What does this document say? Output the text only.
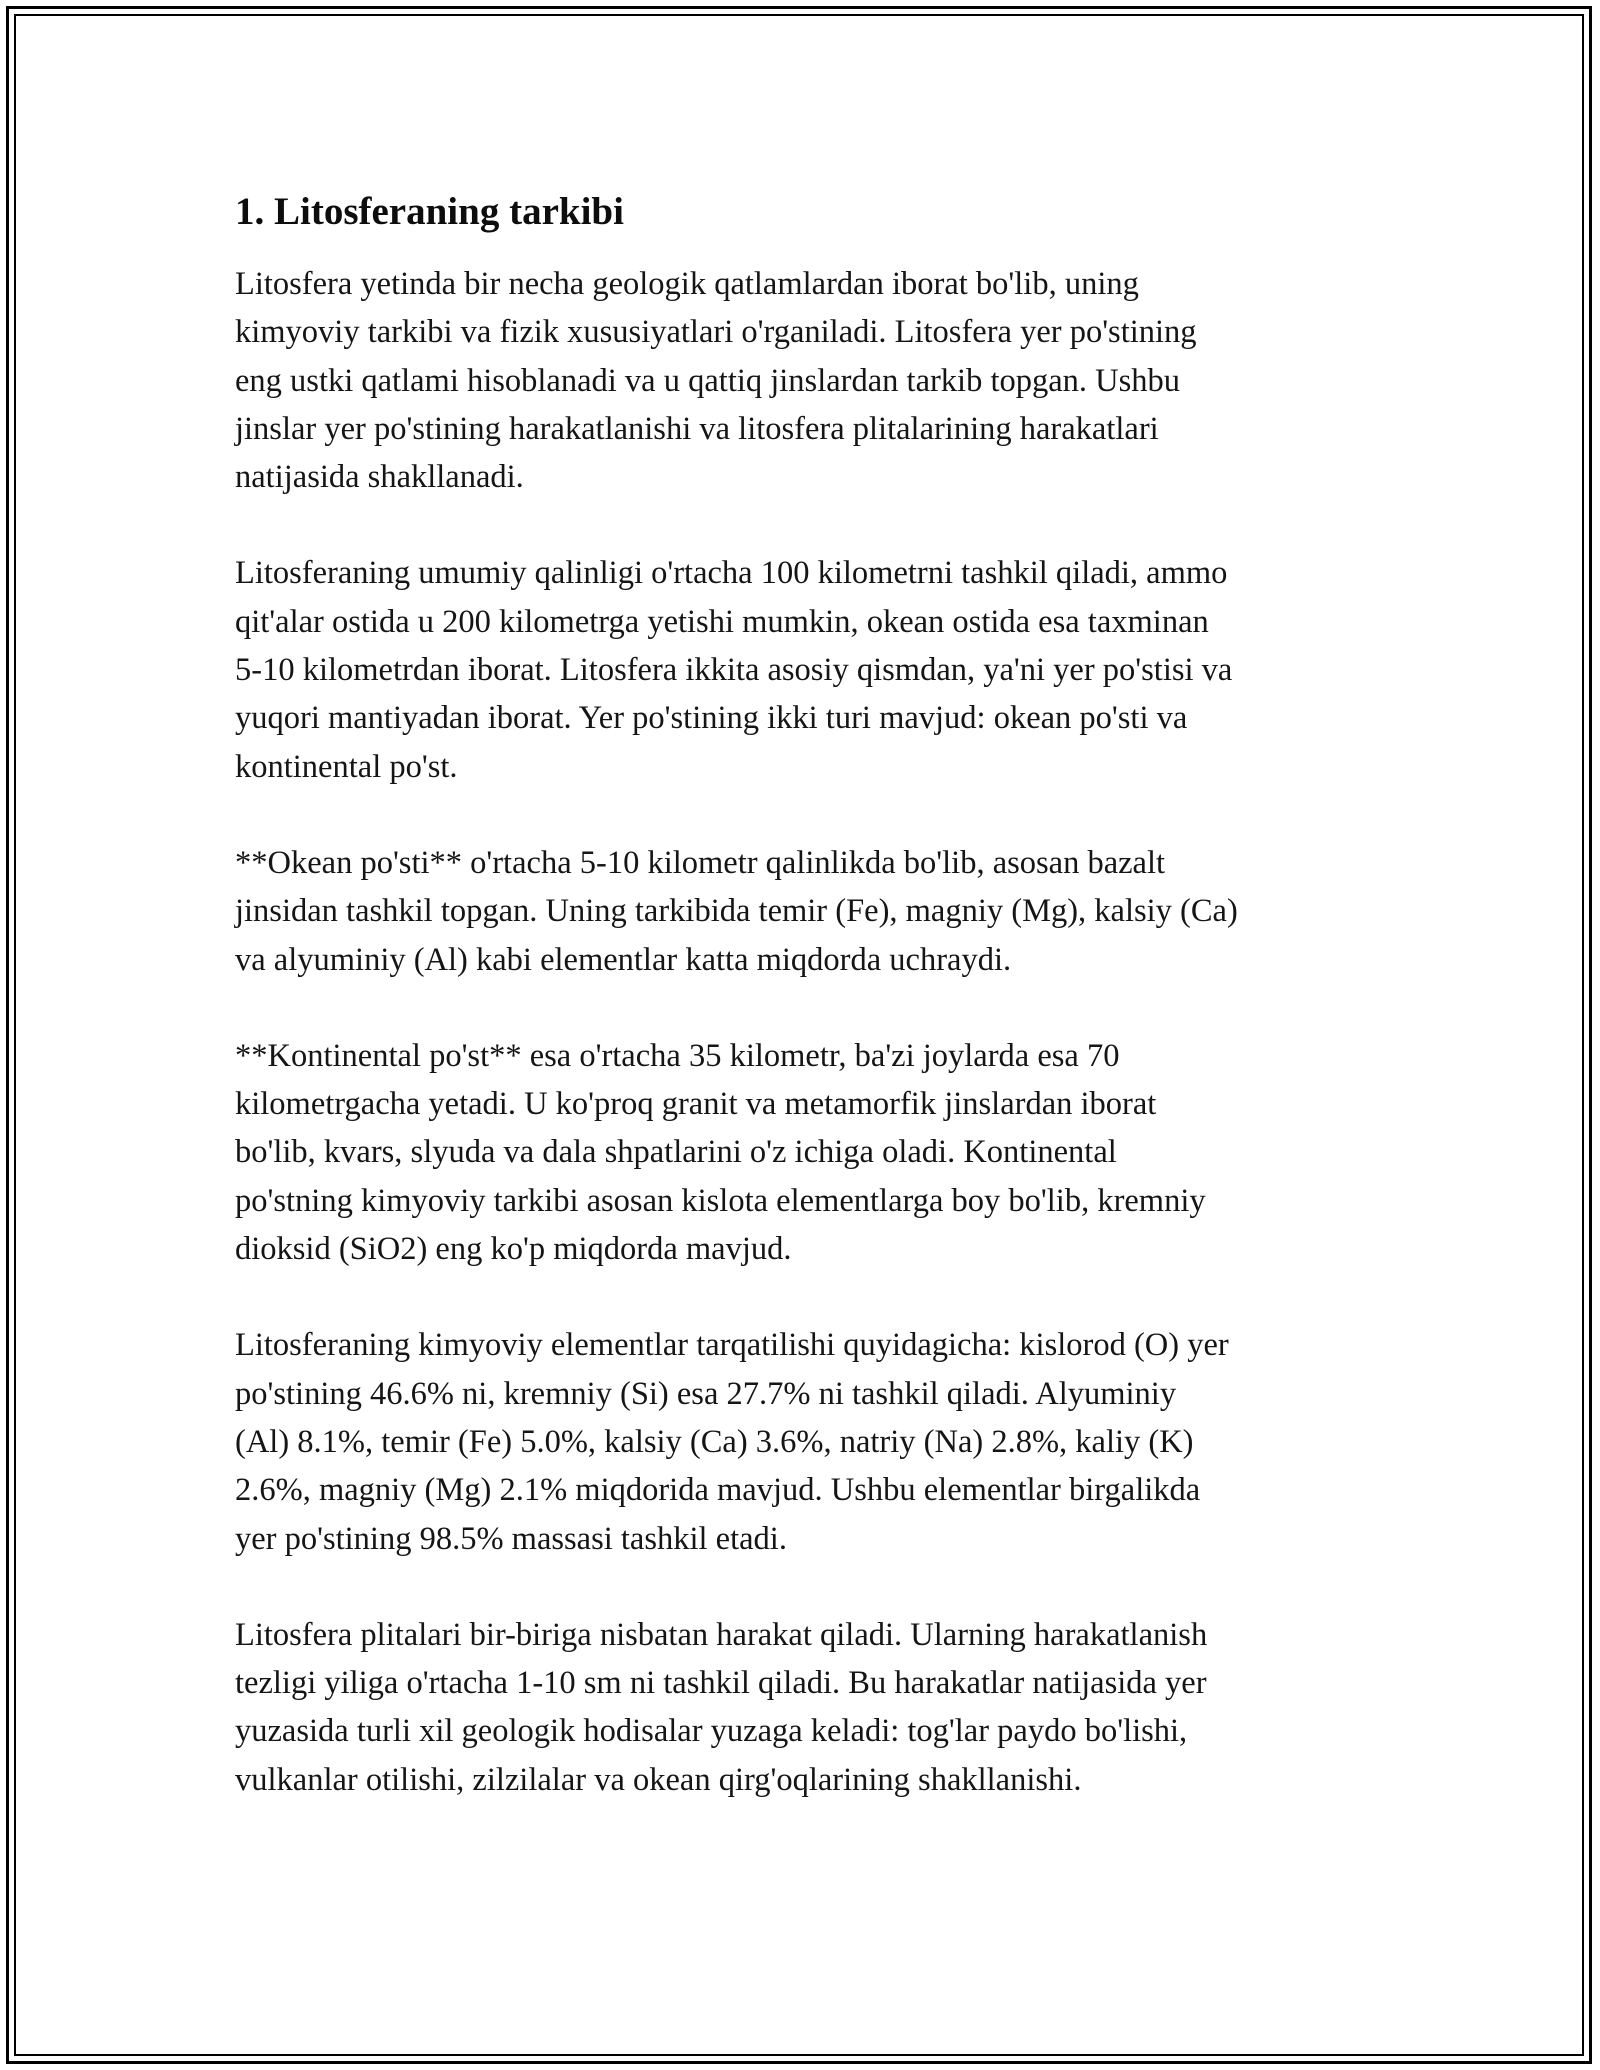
1. Litosferaning tarkibi

Litosfera yetinda bir necha geologik qatlamlardan iborat bo'lib, uning
kimyoviy tarkibi va fizik xususiyatlari o'rganiladi. Litosfera yer po'stining
eng ustki qatlami hisoblanadi va u qattiq jinslardan tarkib topgan. Ushbu
jinslar yer po'stining harakatlanishi va litosfera plitalarining harakatlari
natijasida shakllanadi.

Litosferaning umumiy qalinligi o'rtacha 100 kilometrni tashkil qiladi, ammo
qit'alar ostida u 200 kilometrga yetishi mumkin, okean ostida esa taxminan
5-10 kilometrdan iborat. Litosfera ikkita asosiy qismdan, ya'ni yer po'stisi va
yuqori mantiyadan iborat. Yer po'stining ikki turi mavjud: okean po'sti va
kontinental po'st.

**Okean po'sti** o'rtacha 5-10 kilometr qalinlikda bo'lib, asosan bazalt
jinsidan tashkil topgan. Uning tarkibida temir (Fe), magniy (Mg), kalsiy (Ca)
va alyuminiy (Al) kabi elementlar katta miqdorda uchraydi.

**Kontinental po'st** esa o'rtacha 35 kilometr, ba'zi joylarda esa 70
kilometrgacha yetadi. U ko'proq granit va metamorfik jinslardan iborat
bo'lib, kvars, slyuda va dala shpatlarini o'z ichiga oladi. Kontinental
po'stning kimyoviy tarkibi asosan kislota elementlarga boy bo'lib, kremniy
dioksid (SiO2) eng ko'p miqdorda mavjud.

Litosferaning kimyoviy elementlar tarqatilishi quyidagicha: kislorod (O) yer
po'stining 46.6% ni, kremniy (Si) esa 27.7% ni tashkil qiladi. Alyuminiy
(Al) 8.1%, temir (Fe) 5.0%, kalsiy (Ca) 3.6%, natriy (Na) 2.8%, kaliy (K)
2.6%, magniy (Mg) 2.1% miqdorida mavjud. Ushbu elementlar birgalikda
yer po'stining 98.5% massasi tashkil etadi.

Litosfera plitalari bir-biriga nisbatan harakat qiladi. Ularning harakatlanish
tezligi yiliga o'rtacha 1-10 sm ni tashkil qiladi. Bu harakatlar natijasida yer
yuzasida turli xil geologik hodisalar yuzaga keladi: tog'lar paydo bo'lishi,
vulkanlar otilishi, zilzilalar va okean qirg'oqlarining shakllanishi.
